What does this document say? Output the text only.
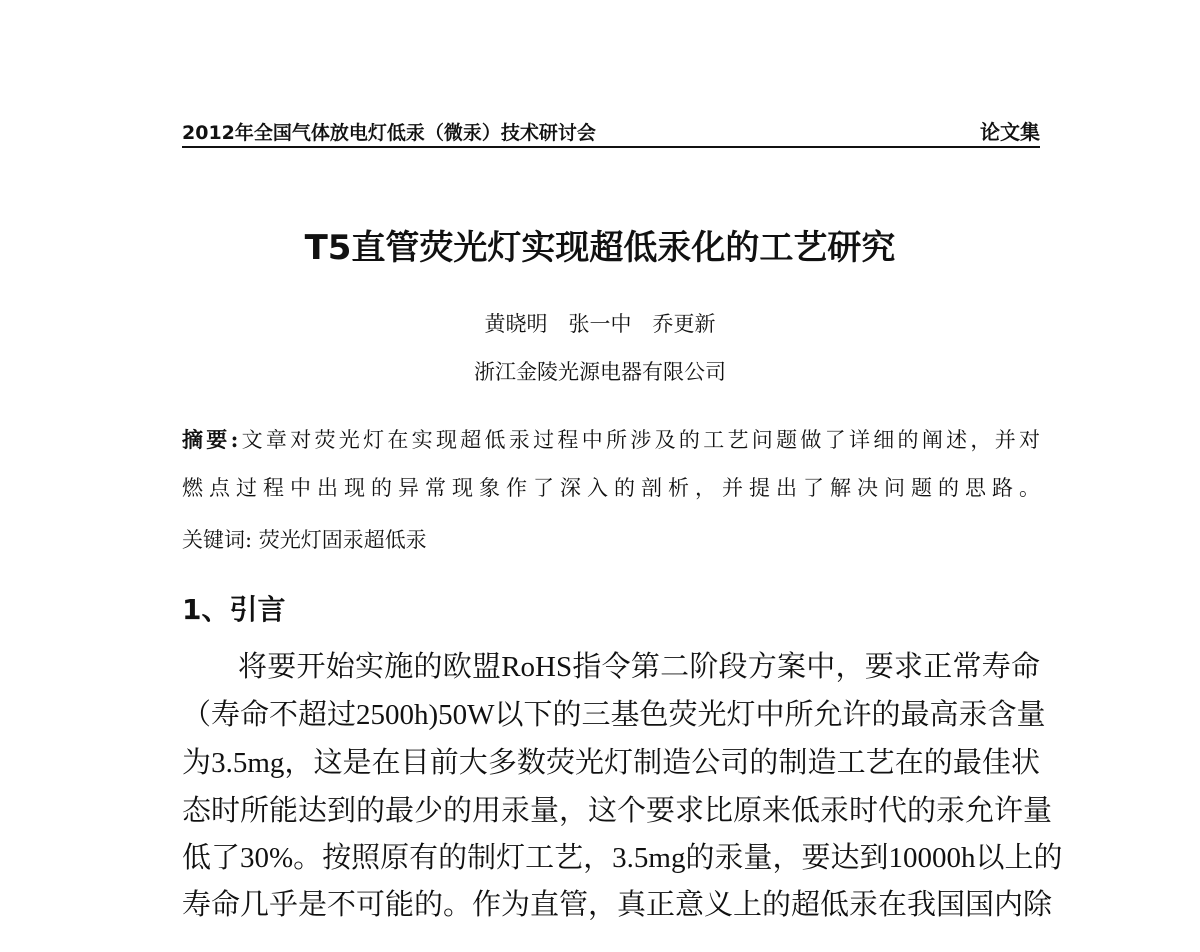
2012年全国气体放电灯低汞（微汞）技术研讨会	论文集
T5直管荧光灯实现超低汞化的工艺研究
黄晓明　张一中　乔更新
浙江金陵光源电器有限公司
摘要:文章对荧光灯在实现超低汞过程中所涉及的工艺问题做了详细的阐述，并对
燃点过程中出现的异常现象作了深入的剖析，并提出了解决问题的思路。
关键词: 荧光灯固汞超低汞
1、引言
将要开始实施的欧盟RoHS指令第二阶段方案中，要求正常寿命
（寿命不超过2500h)50W以下的三基色荧光灯中所允许的最高汞含量
为3.5mg，这是在目前大多数荧光灯制造公司的制造工艺在的最佳状
态时所能达到的最少的用汞量，这个要求比原来低汞时代的汞允许量
低了30%。按照原有的制灯工艺，3.5mg的汞量，要达到10000h以上的
寿命几乎是不可能的。作为直管，真正意义上的超低汞在我国国内除
